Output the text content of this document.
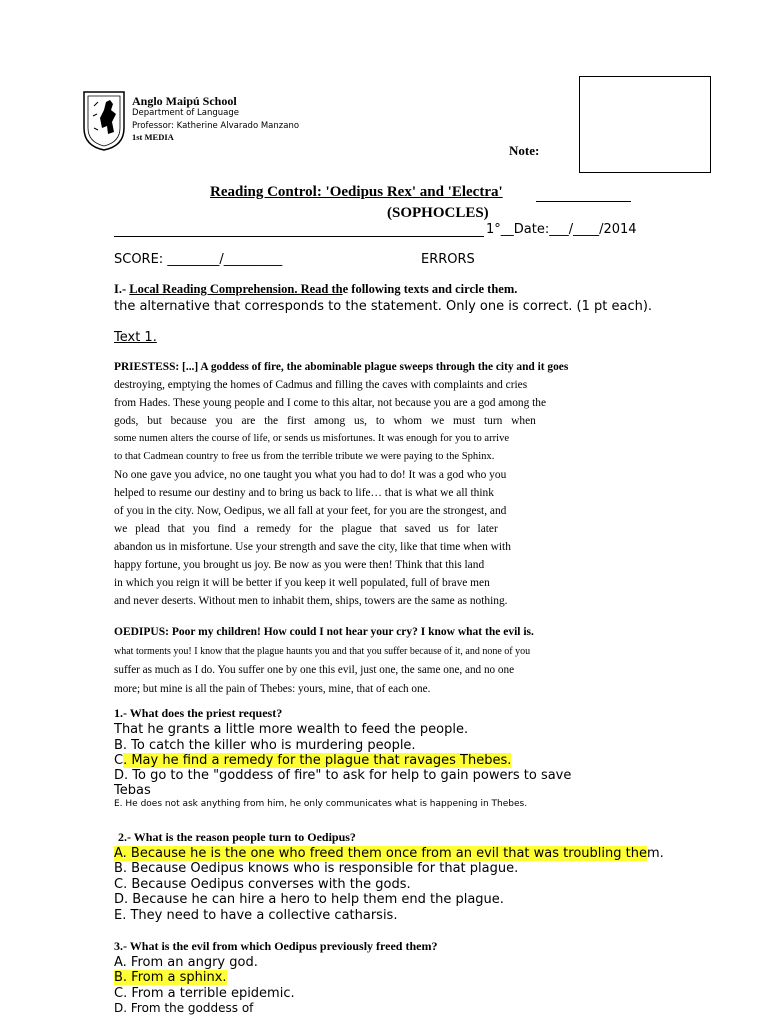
Anglo Maipú School
Department of Language
Professor: Katherine Alvarado Manzano
1st MEDIA
Note:
Reading Control: 'Oedipus Rex' and 'Electra'
(SOPHOCLES)
1°__Date:___/____/2014
SCORE: ________/_________	ERRORS
I.- Local Reading Comprehension. Read the following texts and circle them.
the alternative that corresponds to the statement. Only one is correct. (1 pt each).
Text 1.
PRIESTESS: [...] A goddess of fire, the abominable plague sweeps through the city and it goes
destroying, emptying the homes of Cadmus and filling the caves with complaints and cries
from Hades. These young people and I come to this altar, not because you are a god among the
gods, but because you are the first among us, to whom we must turn when
some numen alters the course of life, or sends us misfortunes. It was enough for you to arrive
to that Cadmean country to free us from the terrible tribute we were paying to the Sphinx.
No one gave you advice, no one taught you what you had to do! It was a god who you
helped to resume our destiny and to bring us back to life… that is what we all think
of you in the city. Now, Oedipus, we all fall at your feet, for you are the strongest, and
we plead that you find a remedy for the plague that saved us for later
abandon us in misfortune. Use your strength and save the city, like that time when with
happy fortune, you brought us joy. Be now as you were then! Think that this land
in which you reign it will be better if you keep it well populated, full of brave men
and never deserts. Without men to inhabit them, ships, towers are the same as nothing.
OEDIPUS: Poor my children! How could I not hear your cry? I know what the evil is.
what torments you! I know that the plague haunts you and that you suffer because of it, and none of you
suffer as much as I do. You suffer one by one this evil, just one, the same one, and no one
more; but mine is all the pain of Thebes: yours, mine, that of each one.
1.- What does the priest request?
That he grants a little more wealth to feed the people.
B. To catch the killer who is murdering people.
C. May he find a remedy for the plague that ravages Thebes.
D. To go to the "goddess of fire" to ask for help to gain powers to save
Tebas
E. He does not ask anything from him, he only communicates what is happening in Thebes.
2.- What is the reason people turn to Oedipus?
A. Because he is the one who freed them once from an evil that was troubling them.
B. Because Oedipus knows who is responsible for that plague.
C. Because Oedipus converses with the gods.
D. Because he can hire a hero to help them end the plague.
E. They need to have a collective catharsis.
3.- What is the evil from which Oedipus previously freed them?
A. From an angry god.
B. From a sphinx.
C. From a terrible epidemic.
D. From the goddess of
